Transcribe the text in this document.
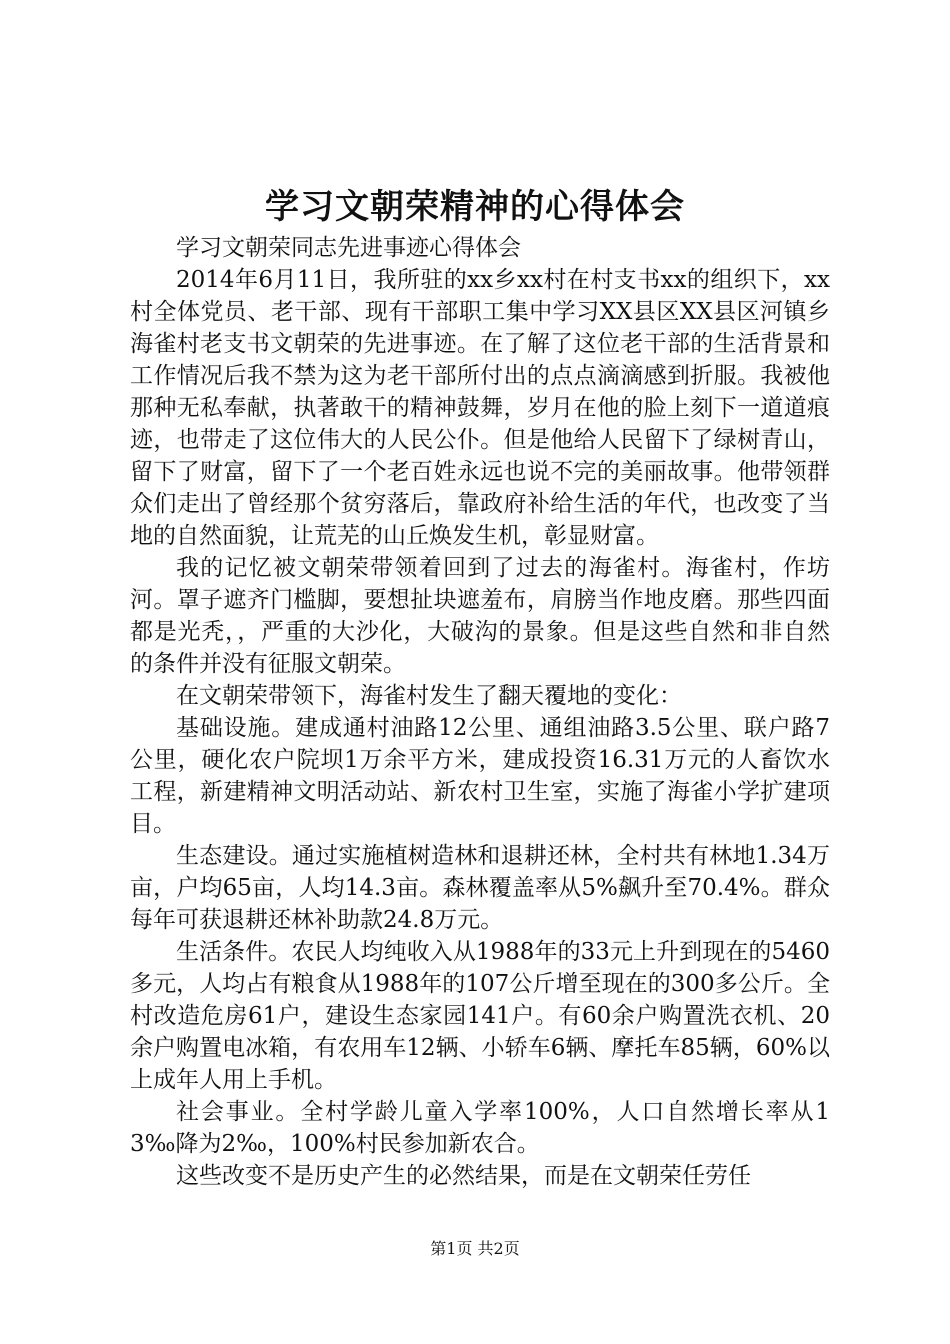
学习文朝荣精神的心得体会

学习文朝荣同志先进事迹心得体会

2014年6月11日，我所驻的xx乡xx村在村支书xx的组织下，xx村全体党员、老干部、现有干部职工集中学习XX县区XX县区河镇乡海雀村老支书文朝荣的先进事迹。在了解了这位老干部的生活背景和工作情况后我不禁为这为老干部所付出的点点滴滴感到折服。我被他那种无私奉献，执著敢干的精神鼓舞，岁月在他的脸上刻下一道道痕迹，也带走了这位伟大的人民公仆。但是他给人民留下了绿树青山，留下了财富，留下了一个老百姓永远也说不完的美丽故事。他带领群众们走出了曾经那个贫穷落后，靠政府补给生活的年代，也改变了当地的自然面貌，让荒芜的山丘焕发生机，彰显财富。

我的记忆被文朝荣带领着回到了过去的海雀村。海雀村，作坊河。罩子遮齐门槛脚，要想扯块遮羞布，肩膀当作地皮磨。那些四面都是光秃，，严重的大沙化，大破沟的景象。但是这些自然和非自然的条件并没有征服文朝荣。

在文朝荣带领下，海雀村发生了翻天覆地的变化：

基础设施。建成通村油路12公里、通组油路3.5公里、联户路7公里，硬化农户院坝1万余平方米，建成投资16.31万元的人畜饮水工程，新建精神文明活动站、新农村卫生室，实施了海雀小学扩建项目。

生态建设。通过实施植树造林和退耕还林，全村共有林地1.34万亩，户均65亩，人均14.3亩。森林覆盖率从5%飙升至70.4%。群众每年可获退耕还林补助款24.8万元。

生活条件。农民人均纯收入从1988年的33元上升到现在的5460多元，人均占有粮食从1988年的107公斤增至现在的300多公斤。全村改造危房61户，建设生态家园141户。有60余户购置洗衣机、20余户购置电冰箱，有农用车12辆、小轿车6辆、摩托车85辆，60%以上成年人用上手机。

社会事业。全村学龄儿童入学率100%，人口自然增长率从13‰降为2‰，100%村民参加新农合。

这些改变不是历史产生的必然结果，而是在文朝荣任劳任

第1页 共2页
